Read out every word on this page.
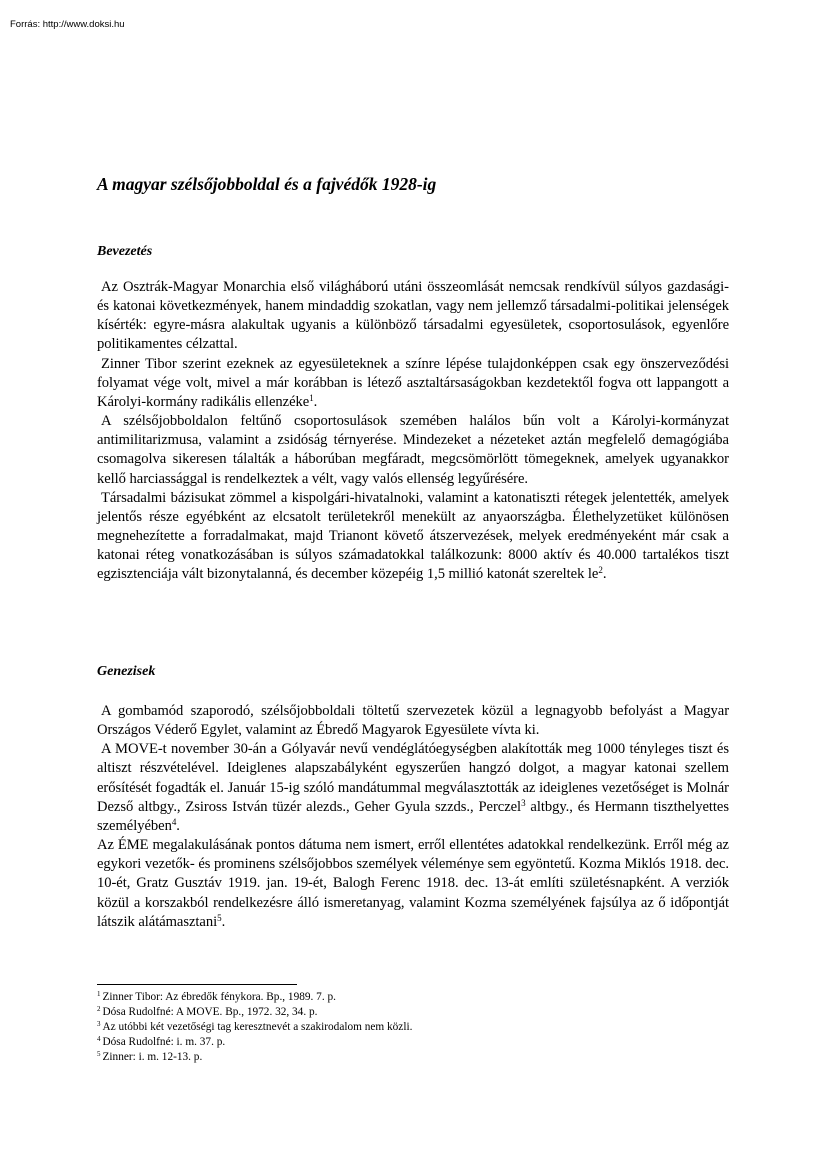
Forrás: http://www.doksi.hu
A magyar szélsőjobboldal és a fajvédők 1928-ig
Bevezetés

Az Osztrák-Magyar Monarchia első világháború utáni összeomlását nemcsak rendkívül súlyos gazdasági- és katonai következmények, hanem mindaddig szokatlan, vagy nem jellemző társadalmi-politikai jelenségek kísérték: egyre-másra alakultak ugyanis a különböző társadalmi egyesületek, csoportosulások, egyenlőre politikamentes célzattal.

Zinner Tibor szerint ezeknek az egyesületeknek a színre lépése tulajdonképpen csak egy önszerveződési folyamat vége volt, mivel a már korábban is létező asztaltársaságokban kezdetektől fogva ott lappangott a Károlyi-kormány radikális ellenzéke$^1$.

A szélsőjobboldalon feltűnő csoportosulások szemében halálos bűn volt a Károlyi-kormányzat antimilitarizmusa, valamint a zsidóság térnyerése. Mindezeket a nézeteket aztán megfelelő demagógiába csomagolva sikeresen tálalták a háborúban megfáradt, megcsömörlött tömegeknek, amelyek ugyanakkor kellő harciassággal is rendelkeztek a vélt, vagy valós ellenség legyűrésére.

Társadalmi bázisukat zömmel a kispolgári-hivatalnoki, valamint a katonatiszti rétegek jelentették, amelyek jelentős része egyébként az elcsatolt területekről menekült az anyaországba. Élethelyzetüket különösen megnehezítette a forradalmakat, majd Trianont követő átszervezések, melyek eredményeként már csak a katonai réteg vonatkozásában is súlyos számadatokkal találkozunk: 8000 aktív és 40.000 tartalékos tiszt egzisztenciája vált bizonytalanná, és december közepéig 1,5 millió katonát szereltek $le^2$.

Genezisek

A gombamód szaporodó, szélsőjobboldali töltetű szervezetek közül a legnagyobb befolyást a Magyar Országos Véderő Egylet, valamint az Ébredő Magyarok Egyesülete vívta ki.

A MOVE-t november 30-án a Gólyavár nevű vendéglátóegységben alakították meg 1000 tényleges tiszt és altiszt részvételével. Ideiglenes alapszabályként egyszerűen hangzó dolgot, a magyar katonai szellem erősítését fogadták el. Január 15-ig szóló mandátummal megválasztották az ideiglenes vezetőséget is Molnár Dezső altbgy., Zsiross István tüzér alezds., Geher Gyula szzds., Perczel$^3$ altbgy., és Hermann tiszthelyettes személyében$^4$.

Az ÉME megalakulásának pontos dátuma nem ismert, erről ellentétes adatokkal rendelkezünk. Erről még az egykori vezetők- és prominens szélsőjobbos személyek véleménye sem egyöntetű. Kozma Miklós 1918. dec. 10-ét, Gratz Gusztáv 1919. jan. 19-ét, Balogh Ferenc 1918. dec. 13-át említi születésnapként. A verziók közül a korszakból rendelkezésre álló ismeretanyag, valamint Kozma személyének fajsúlya az ő időpontját látszik alátámasztani$^5$.

$^1$ Zinner Tibor: Az ébredők fénykora. Bp., 1989. 7. p.
$^2$ Dósa Rudolfné: A MOVE. Bp., 1972. 32, 34. p.
$^3$ Az utóbbi két vezetőségi tag keresztnevét a szakirodalom nem közli.
$^4$ Dósa Rudolfné: i. m. 37. p.
$^5$ Zinner: i. m. 12-13. p.
